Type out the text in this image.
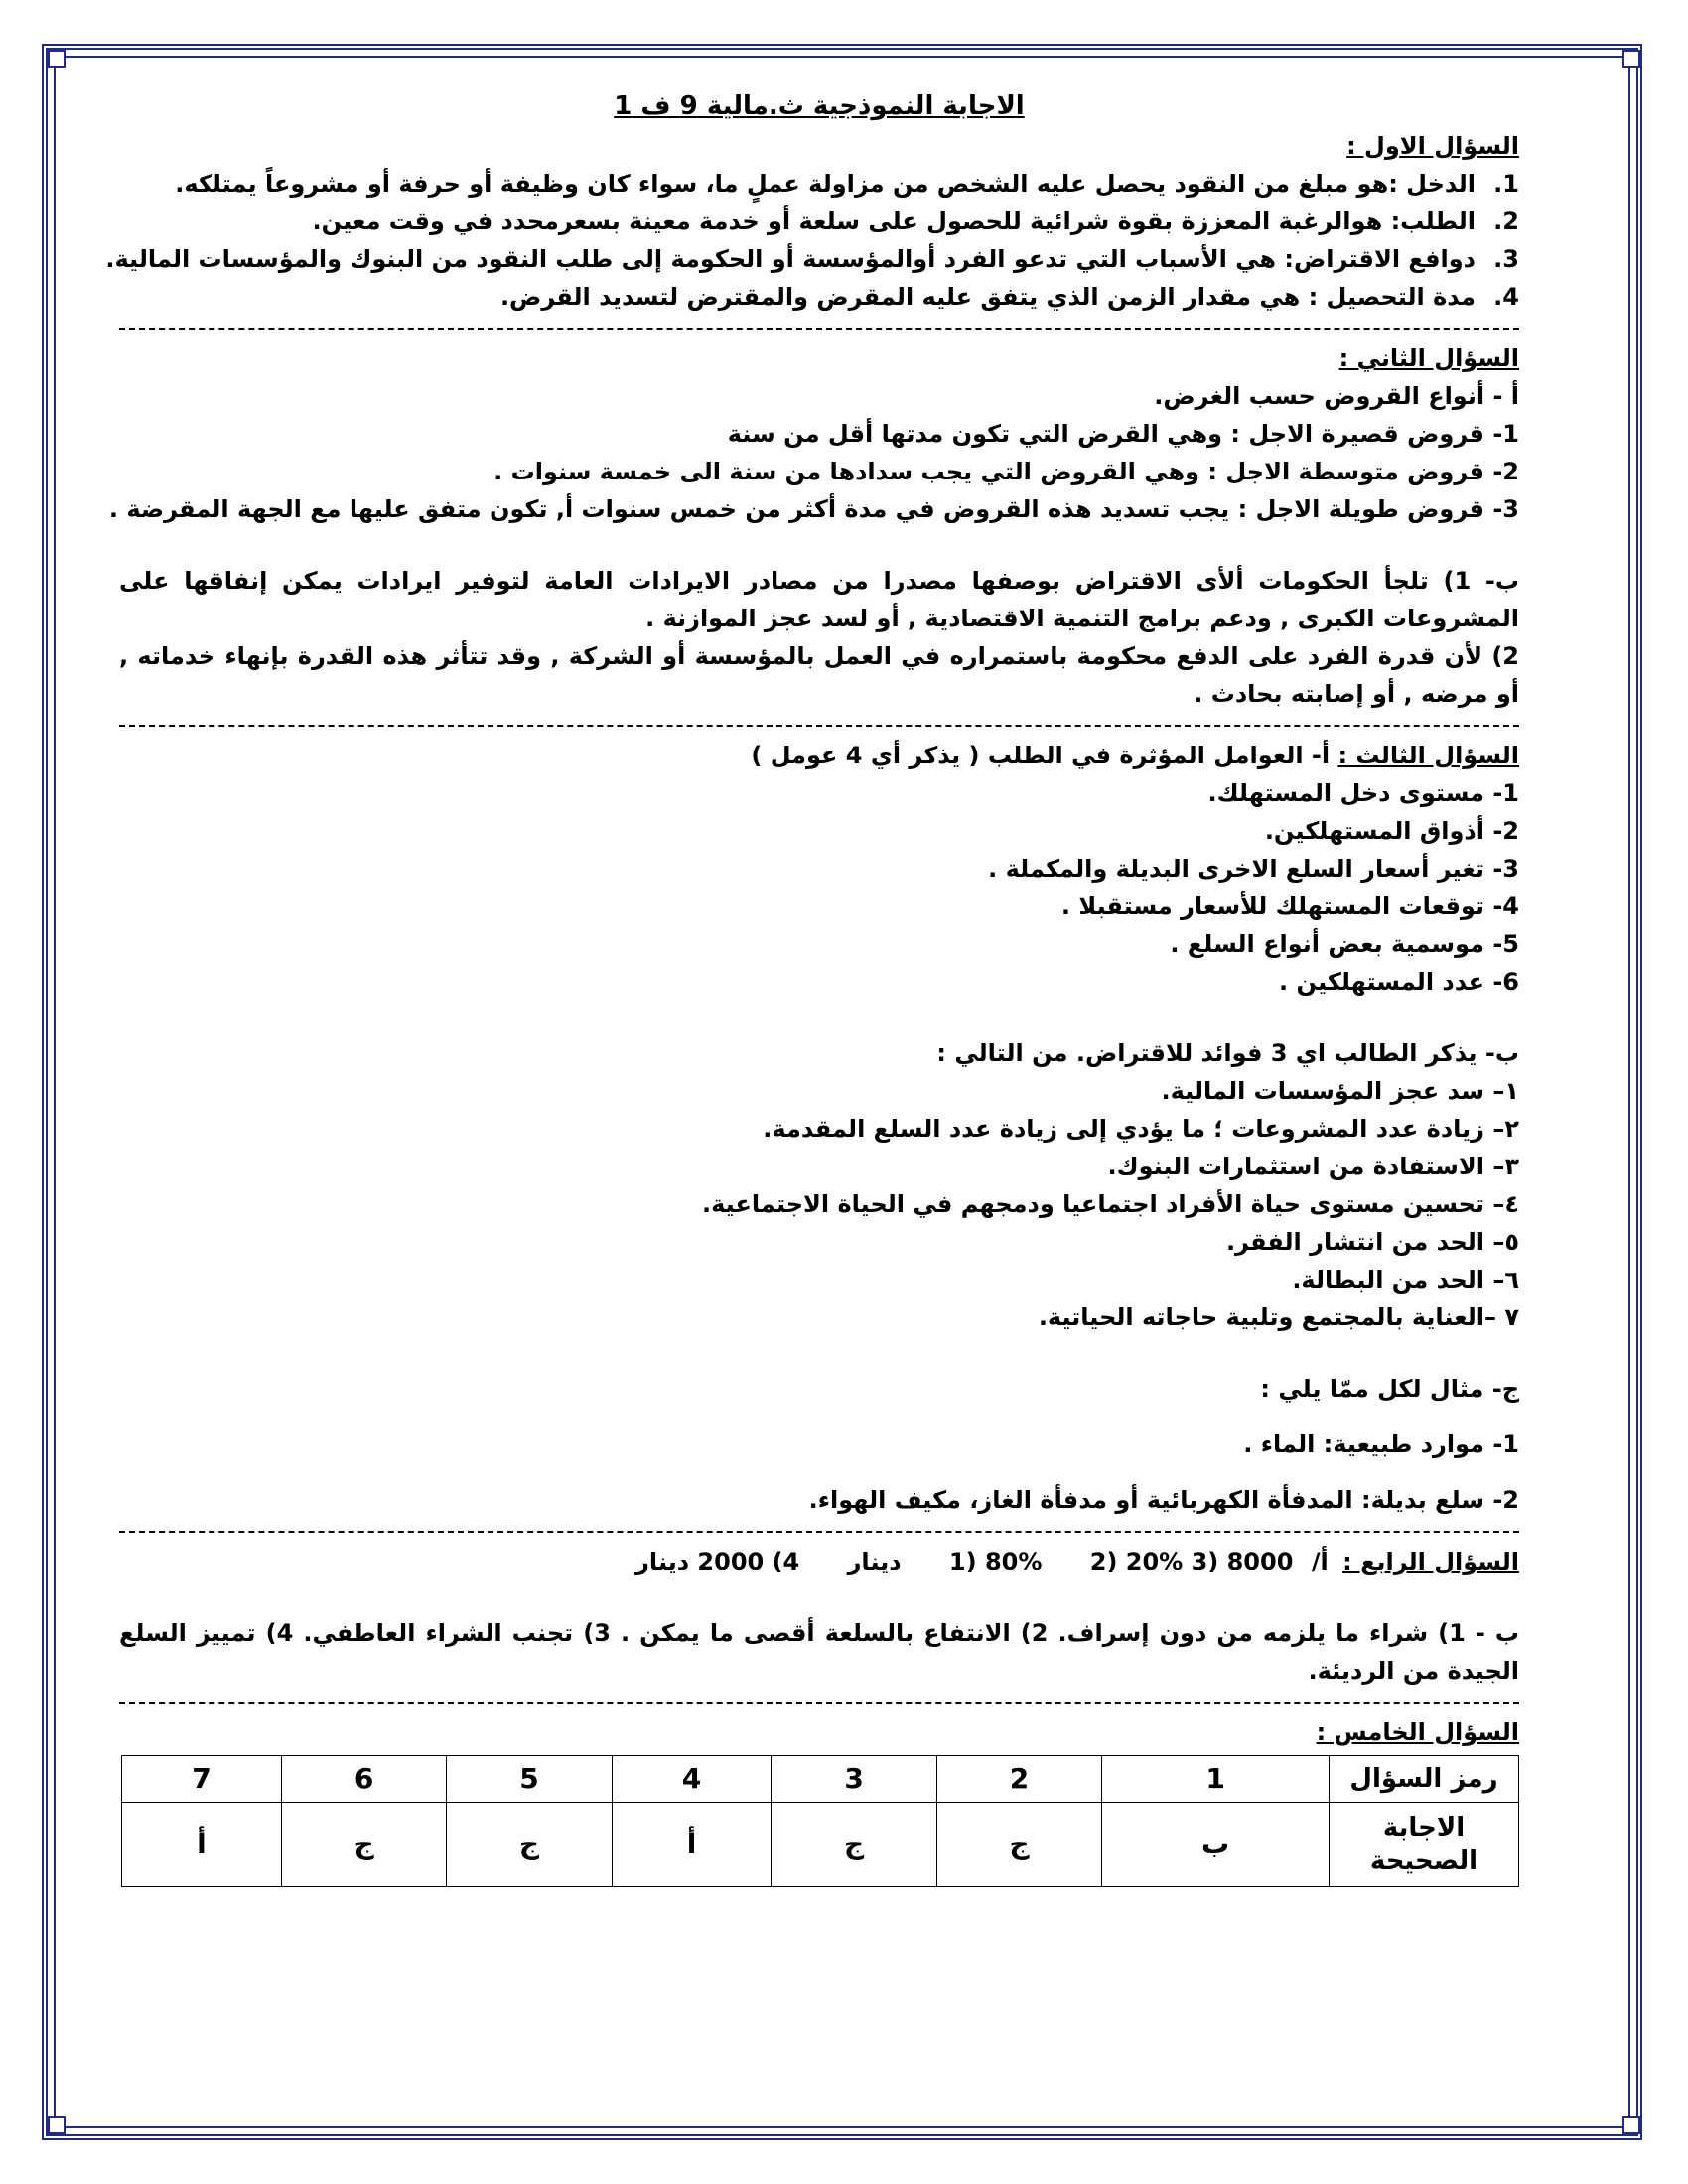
الاجابة النموذجية ث.مالية 9 ف 1
السؤال الاول :
1.الدخل :هو مبلغ من النقود يحصل عليه الشخص من مزاولة عملٍ ما، سواء كان وظيفة أو حرفة أو مشروعاً يمتلكه.
2.الطلب: هوالرغبة المعززة بقوة شرائية للحصول على سلعة أو خدمة معينة بسعرمحدد في وقت معين.
3.دوافع الاقتراض: هي الأسباب التي تدعو الفرد أوالمؤسسة أو الحكومة إلى طلب النقود من البنوك والمؤسسات المالية.
4.مدة التحصيل : هي مقدار الزمن الذي يتفق عليه المقرض والمقترض لتسديد القرض.
السؤال الثاني :
أ - أنواع القروض حسب الغرض.
1- قروض قصيرة الاجل : وهي القرض التي تكون مدتها أقل من سنة
2- قروض متوسطة الاجل : وهي القروض التي يجب سدادها من سنة الى خمسة سنوات .
3- قروض طويلة الاجل : يجب تسديد هذه القروض في مدة أكثر من خمس سنوات أ, تكون متفق عليها مع الجهة المقرضة .
ب- 1) تلجأ الحكومات ألأى الاقتراض بوصفها مصدرا من مصادر الايرادات العامة لتوفير ايرادات يمكن إنفاقها على المشروعات الكبرى , ودعم برامج التنمية الاقتصادية , أو لسد عجز الموازنة .
2) لأن قدرة الفرد على الدفع محكومة باستمراره في العمل بالمؤسسة أو الشركة , وقد تتأثر هذه القدرة بإنهاء خدماته , أو مرضه , أو إصابته بحادث .
السؤال الثالث : أ- العوامل المؤثرة في الطلب ( يذكر أي 4 عومل )
1- مستوى دخل المستهلك.
2- أذواق المستهلكين.
3- تغير أسعار السلع الاخرى البديلة والمكملة .
4- توقعات المستهلك للأسعار مستقبلا .
5- موسمية بعض أنواع السلع .
6- عدد المستهلكين .
ب- يذكر الطالب اي 3 فوائد للاقتراض. من التالي :
١– سد عجز المؤسسات المالية.
٢– زيادة عدد المشروعات ؛ ما يؤدي إلى زيادة عدد السلع المقدمة.
٣– الاستفادة من استثمارات البنوك.
٤– تحسين مستوى حياة الأفراد اجتماعيا ودمجهم في الحياة الاجتماعية.
٥– الحد من انتشار الفقر.
٦– الحد من البطالة.
٧ –العناية بالمجتمع وتلبية حاجاته الحياتية.
ج- مثال لكل ممّا يلي :
1- موارد طبيعية: الماء .
2- سلع بديلة: المدفأة الكهربائية أو مدفأة الغاز، مكيف الهواء.
السؤال الرابع : أ/ 1) 80% 2) 20% 3) 8000 دينار 4) 2000 دينار
ب - 1) شراء ما يلزمه من دون إسراف. 2) الانتفاع بالسلعة أقصى ما يمكن . 3) تجنب الشراء العاطفي. 4) تمييز السلع الجيدة من الرديئة.
السؤال الخامس :
رمز السؤال	1	2	3	4	5	6	7
الاجابة الصحيحة	ب	ج	ج	أ	ج	ج	أ
